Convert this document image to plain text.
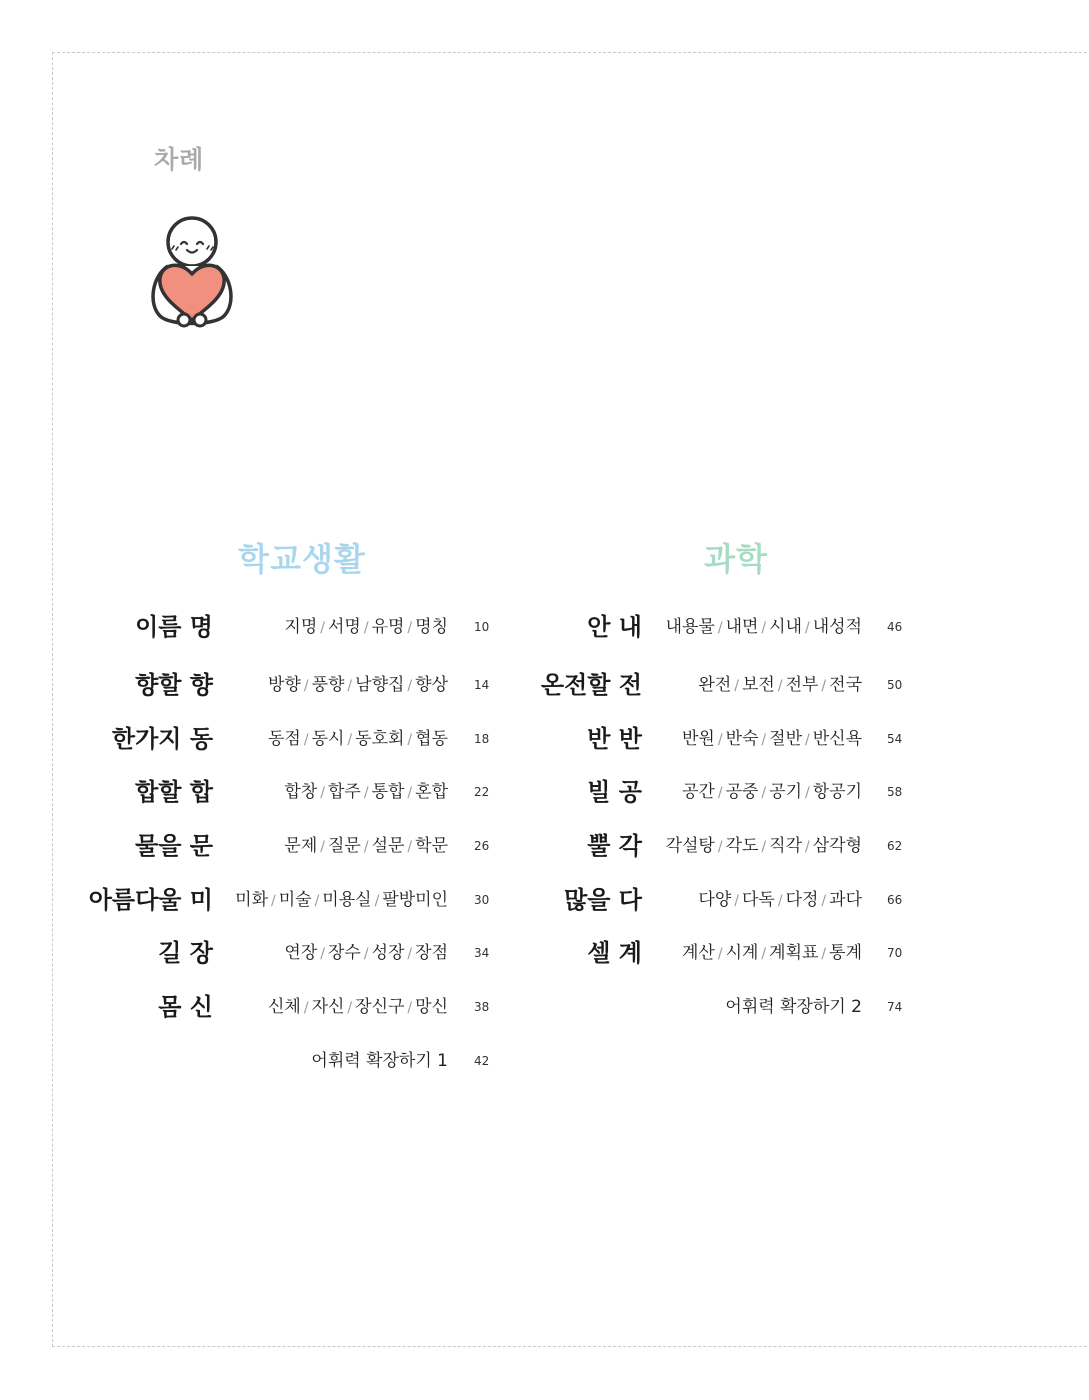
차례
학교생활	과학
이름 명	지명 / 서명 / 유명 / 명칭 10
향할 향	방향 / 풍향 / 남향집 / 향상 14
한가지 동	동점 / 동시 / 동호회 / 협동 18
합할 합	합창 / 합주 / 통합 / 혼합 22
물을 문	문제 / 질문 / 설문 / 학문 26
아름다울 미	미화 / 미술 / 미용실 / 팔방미인 30
길 장	연장 / 장수 / 성장 / 장점 34
몸 신	신체 / 자신 / 장신구 / 망신 38
어휘력 확장하기 1 42
안 내	내용물 / 내면 / 시내 / 내성적 46
온전할 전	완전 / 보전 / 전부 / 전국 50
반 반	반원 / 반숙 / 절반 / 반신욕 54
빌 공	공간 / 공중 / 공기 / 항공기 58
뿔 각	각설탕 / 각도 / 직각 / 삼각형 62
많을 다	다양 / 다독 / 다정 / 과다 66
셀 계	계산 / 시계 / 계획표 / 통계 70
어휘력 확장하기 2 74
